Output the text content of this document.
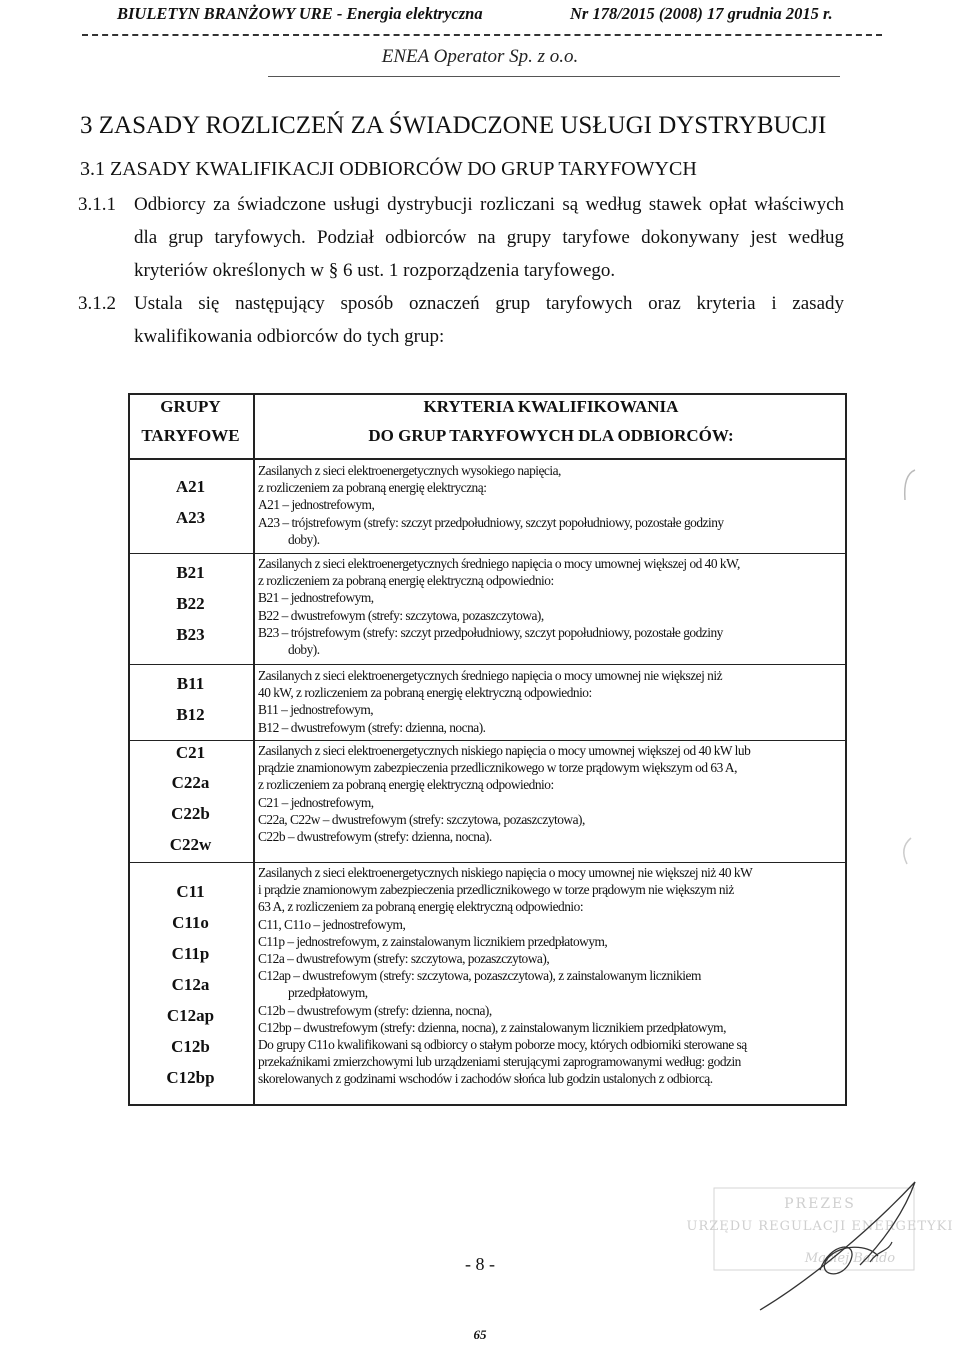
BIULETYN BRANŻOWY URE - Energia elektryczna	Nr 178/2015 (2008) 17 grudnia 2015 r.
ENEA Operator Sp. z o.o.
3 ZASADY ROZLICZEŃ ZA ŚWIADCZONE USŁUGI DYSTRYBUCJI
3.1 ZASADY KWALIFIKACJI ODBIORCÓW DO GRUP TARYFOWYCH
3.1.1 Odbiorcy za świadczone usługi dystrybucji rozliczani są według stawek opłat właściwych
dla grup taryfowych. Podział odbiorców na grupy taryfowe dokonywany jest według
kryteriów określonych w § 6 ust. 1 rozporządzenia taryfowego.
3.1.2 Ustala się następujący sposób oznaczeń grup taryfowych oraz kryteria i zasady
kwalifikowania odbiorców do tych grup:
GRUPY
TARYFOWE
KRYTERIA KWALIFIKOWANIA
DO GRUP TARYFOWYCH DLA ODBIORCÓW:
A21
A23
Zasilanych z sieci elektroenergetycznych wysokiego napięcia,
z rozliczeniem za pobraną energię elektryczną:
A21 – jednostrefowym,
A23 – trójstrefowym (strefy: szczyt przedpołudniowy, szczyt popołudniowy, pozostałe godziny
doby).
B21
B22
B23
Zasilanych z sieci elektroenergetycznych średniego napięcia o mocy umownej większej od 40 kW,
z rozliczeniem za pobraną energię elektryczną odpowiednio:
B21 – jednostrefowym,
B22 – dwustrefowym (strefy: szczytowa, pozaszczytowa),
B23 – trójstrefowym (strefy: szczyt przedpołudniowy, szczyt popołudniowy, pozostałe godziny
doby).
B11
B12
Zasilanych z sieci elektroenergetycznych średniego napięcia o mocy umownej nie większej niż
40 kW, z rozliczeniem za pobraną energię elektryczną odpowiednio:
B11 – jednostrefowym,
B12 – dwustrefowym (strefy: dzienna, nocna).
C21
C22a
C22b
C22w
Zasilanych z sieci elektroenergetycznych niskiego napięcia o mocy umownej większej od 40 kW lub
prądzie znamionowym zabezpieczenia przedlicznikowego w torze prądowym większym od 63 A,
z rozliczeniem za pobraną energię elektryczną odpowiednio:
C21 – jednostrefowym,
C22a, C22w – dwustrefowym (strefy: szczytowa, pozaszczytowa),
C22b – dwustrefowym (strefy: dzienna, nocna).
C11
C11o
C11p
C12a
C12ap
C12b
C12bp
Zasilanych z sieci elektroenergetycznych niskiego napięcia o mocy umownej nie większej niż 40 kW
i prądzie znamionowym zabezpieczenia przedlicznikowego w torze prądowym nie większym niż
63 A, z rozliczeniem za pobraną energię elektryczną odpowiednio:
C11, C11o – jednostrefowym,
C11p – jednostrefowym, z zainstalowanym licznikiem przedpłatowym,
C12a – dwustrefowym (strefy: szczytowa, pozaszczytowa),
C12ap – dwustrefowym (strefy: szczytowa, pozaszczytowa), z zainstalowanym licznikiem
przedpłatowym,
C12b – dwustrefowym (strefy: dzienna, nocna),
C12bp – dwustrefowym (strefy: dzienna, nocna), z zainstalowanym licznikiem przedpłatowym,
Do grupy C11o kwalifikowani są odbiorcy o stałym poborze mocy, których odbiorniki sterowane są
przekaźnikami zmierzchowymi lub urządzeniami sterującymi zaprogramowanymi według: godzin
skorelowanych z godzinami wschodów i zachodów słońca lub godzin ustalonych z odbiorcą.
PREZES
URZĘDU REGULACJI ENERGETYKI
Maciej Bando
- 8 -
65
